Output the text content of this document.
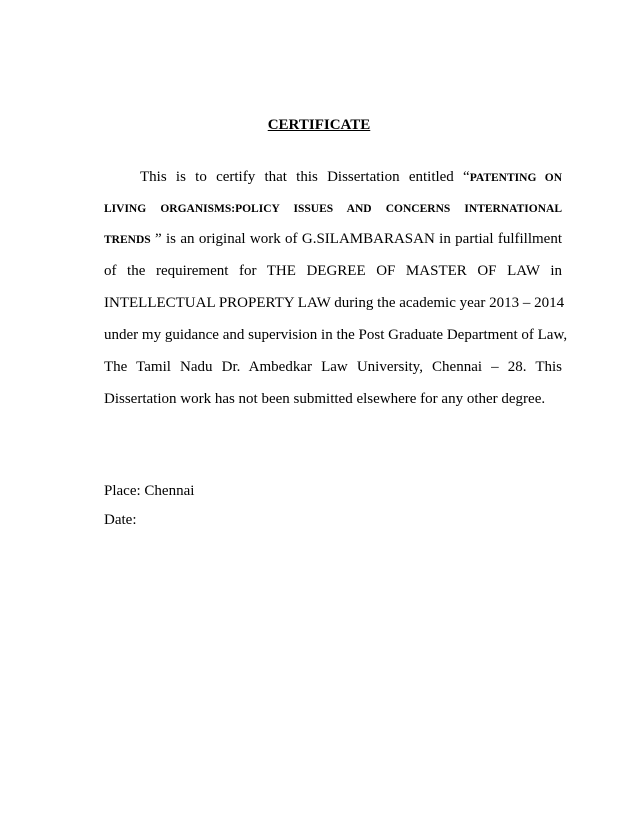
CERTIFICATE
This is to certify that this Dissertation entitled “PATENTING ON
LIVING ORGANISMS:POLICY ISSUES AND CONCERNS INTERNATIONAL
TRENDS ” is an original work of G.SILAMBARASAN in partial fulfillment
of the requirement for THE DEGREE OF MASTER OF LAW in
INTELLECTUAL PROPERTY LAW during the academic year 2013 – 2014
under my guidance and supervision in the Post Graduate Department of Law,
The Tamil Nadu Dr. Ambedkar Law University, Chennai – 28. This
Dissertation work has not been submitted elsewhere for any other degree.
Place: Chennai
Date:
